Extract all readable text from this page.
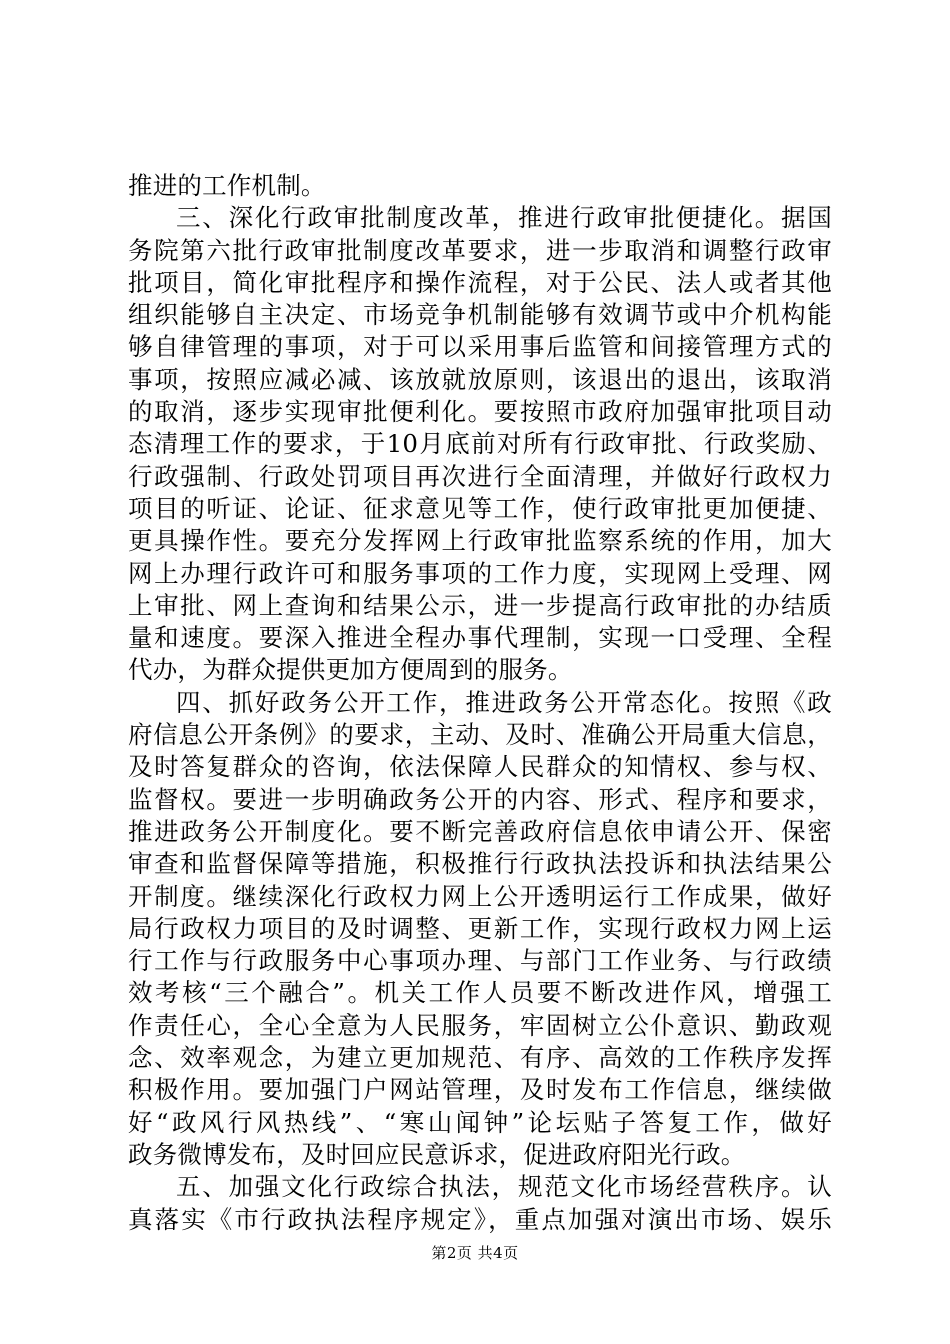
推进的工作机制。
三、深化行政审批制度改革，推进行政审批便捷化。据国
务院第六批行政审批制度改革要求，进一步取消和调整行政审
批项目，简化审批程序和操作流程，对于公民、法人或者其他
组织能够自主决定、市场竞争机制能够有效调节或中介机构能
够自律管理的事项，对于可以采用事后监管和间接管理方式的
事项，按照应减必减、该放就放原则，该退出的退出，该取消
的取消，逐步实现审批便利化。要按照市政府加强审批项目动
态清理工作的要求，于10月底前对所有行政审批、行政奖励、
行政强制、行政处罚项目再次进行全面清理，并做好行政权力
项目的听证、论证、征求意见等工作，使行政审批更加便捷、
更具操作性。要充分发挥网上行政审批监察系统的作用，加大
网上办理行政许可和服务事项的工作力度，实现网上受理、网
上审批、网上查询和结果公示，进一步提高行政审批的办结质
量和速度。要深入推进全程办事代理制，实现一口受理、全程
代办，为群众提供更加方便周到的服务。
四、抓好政务公开工作，推进政务公开常态化。按照《政
府信息公开条例》的要求，主动、及时、准确公开局重大信息，
及时答复群众的咨询，依法保障人民群众的知情权、参与权、
监督权。要进一步明确政务公开的内容、形式、程序和要求，
推进政务公开制度化。要不断完善政府信息依申请公开、保密
审查和监督保障等措施，积极推行行政执法投诉和执法结果公
开制度。继续深化行政权力网上公开透明运行工作成果，做好
局行政权力项目的及时调整、更新工作，实现行政权力网上运
行工作与行政服务中心事项办理、与部门工作业务、与行政绩
效考核“三个融合”。机关工作人员要不断改进作风，增强工
作责任心，全心全意为人民服务，牢固树立公仆意识、勤政观
念、效率观念，为建立更加规范、有序、高效的工作秩序发挥
积极作用。要加强门户网站管理，及时发布工作信息，继续做
好“政风行风热线”、“寒山闻钟”论坛贴子答复工作，做好
政务微博发布，及时回应民意诉求，促进政府阳光行政。
五、加强文化行政综合执法，规范文化市场经营秩序。认
真落实《市行政执法程序规定》，重点加强对演出市场、娱乐
第2页 共4页
